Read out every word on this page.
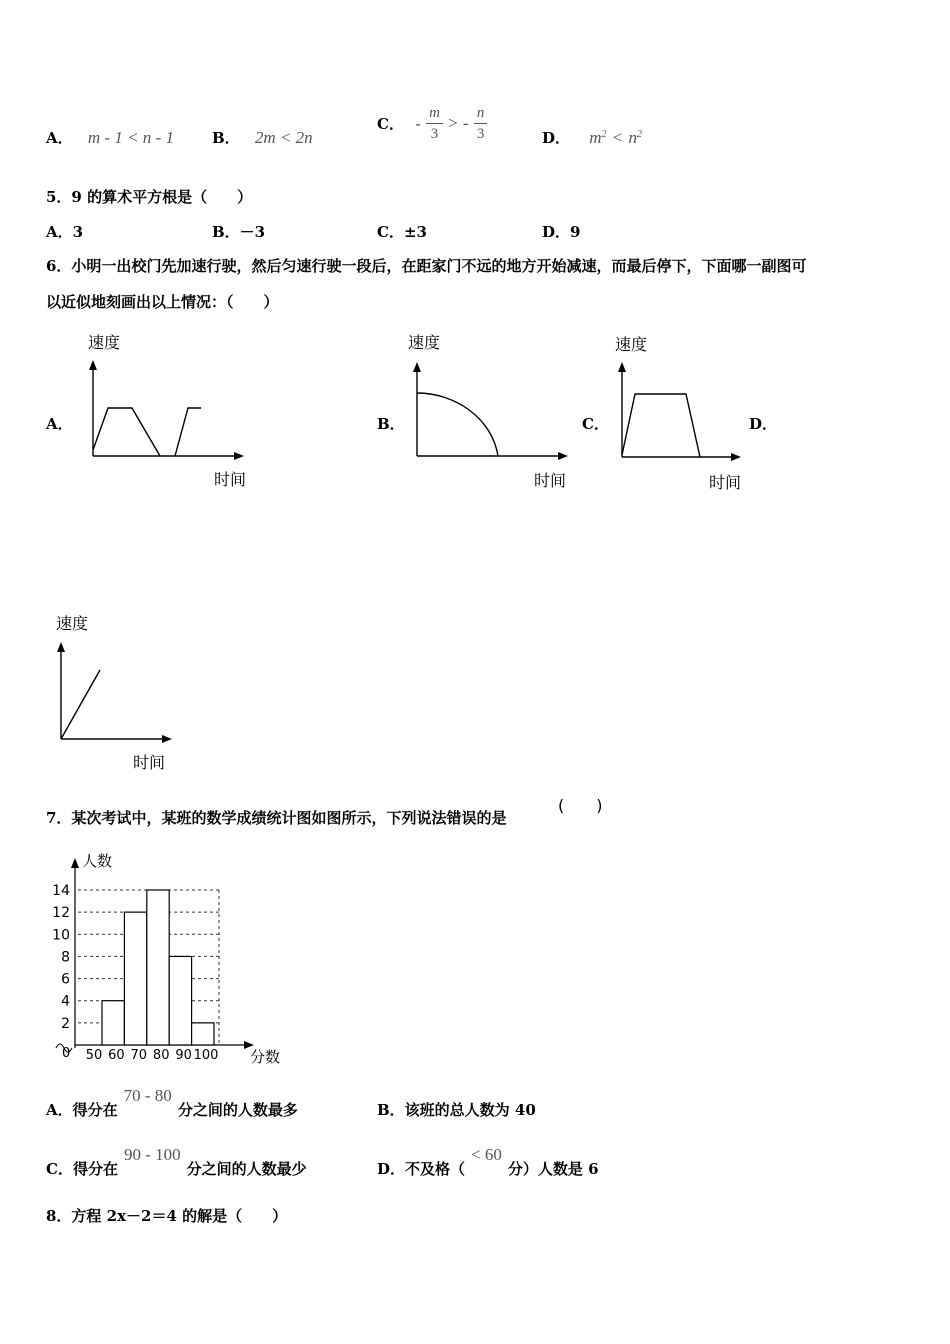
A． m - 1 < n - 1	B． 2m < 2n
C． - $\frac{m}{3}$ > - $\frac{n}{3}$	D． $m^2 < n^2$
5．9 的算术平方根是（　　）
A．3	B．－3	C．±3	D．9
6．小明一出校门先加速行驶，然后匀速行驶一段后，在距家门不远的地方开始减速，而最后停下，下面哪一副图可
以近似地刻画出以上情况：（　　）
A．	B．	C．	D．
速度
时间
速度
时间
速度
时间
速度
时间
7．某次考试中，某班的数学成绩统计图如图所示，下列说法错误的是
(　　)
人数
分数
0
2
4
6
8
10
12
14
50 60 70 80 90 100
A．得分在70 - 80分之间的人数最多	B．该班的总人数为 40
C．得分在90 - 100分之间的人数最少	D．不及格（< 60分）人数是 6
8．方程 2x－2＝4 的解是（　　）
